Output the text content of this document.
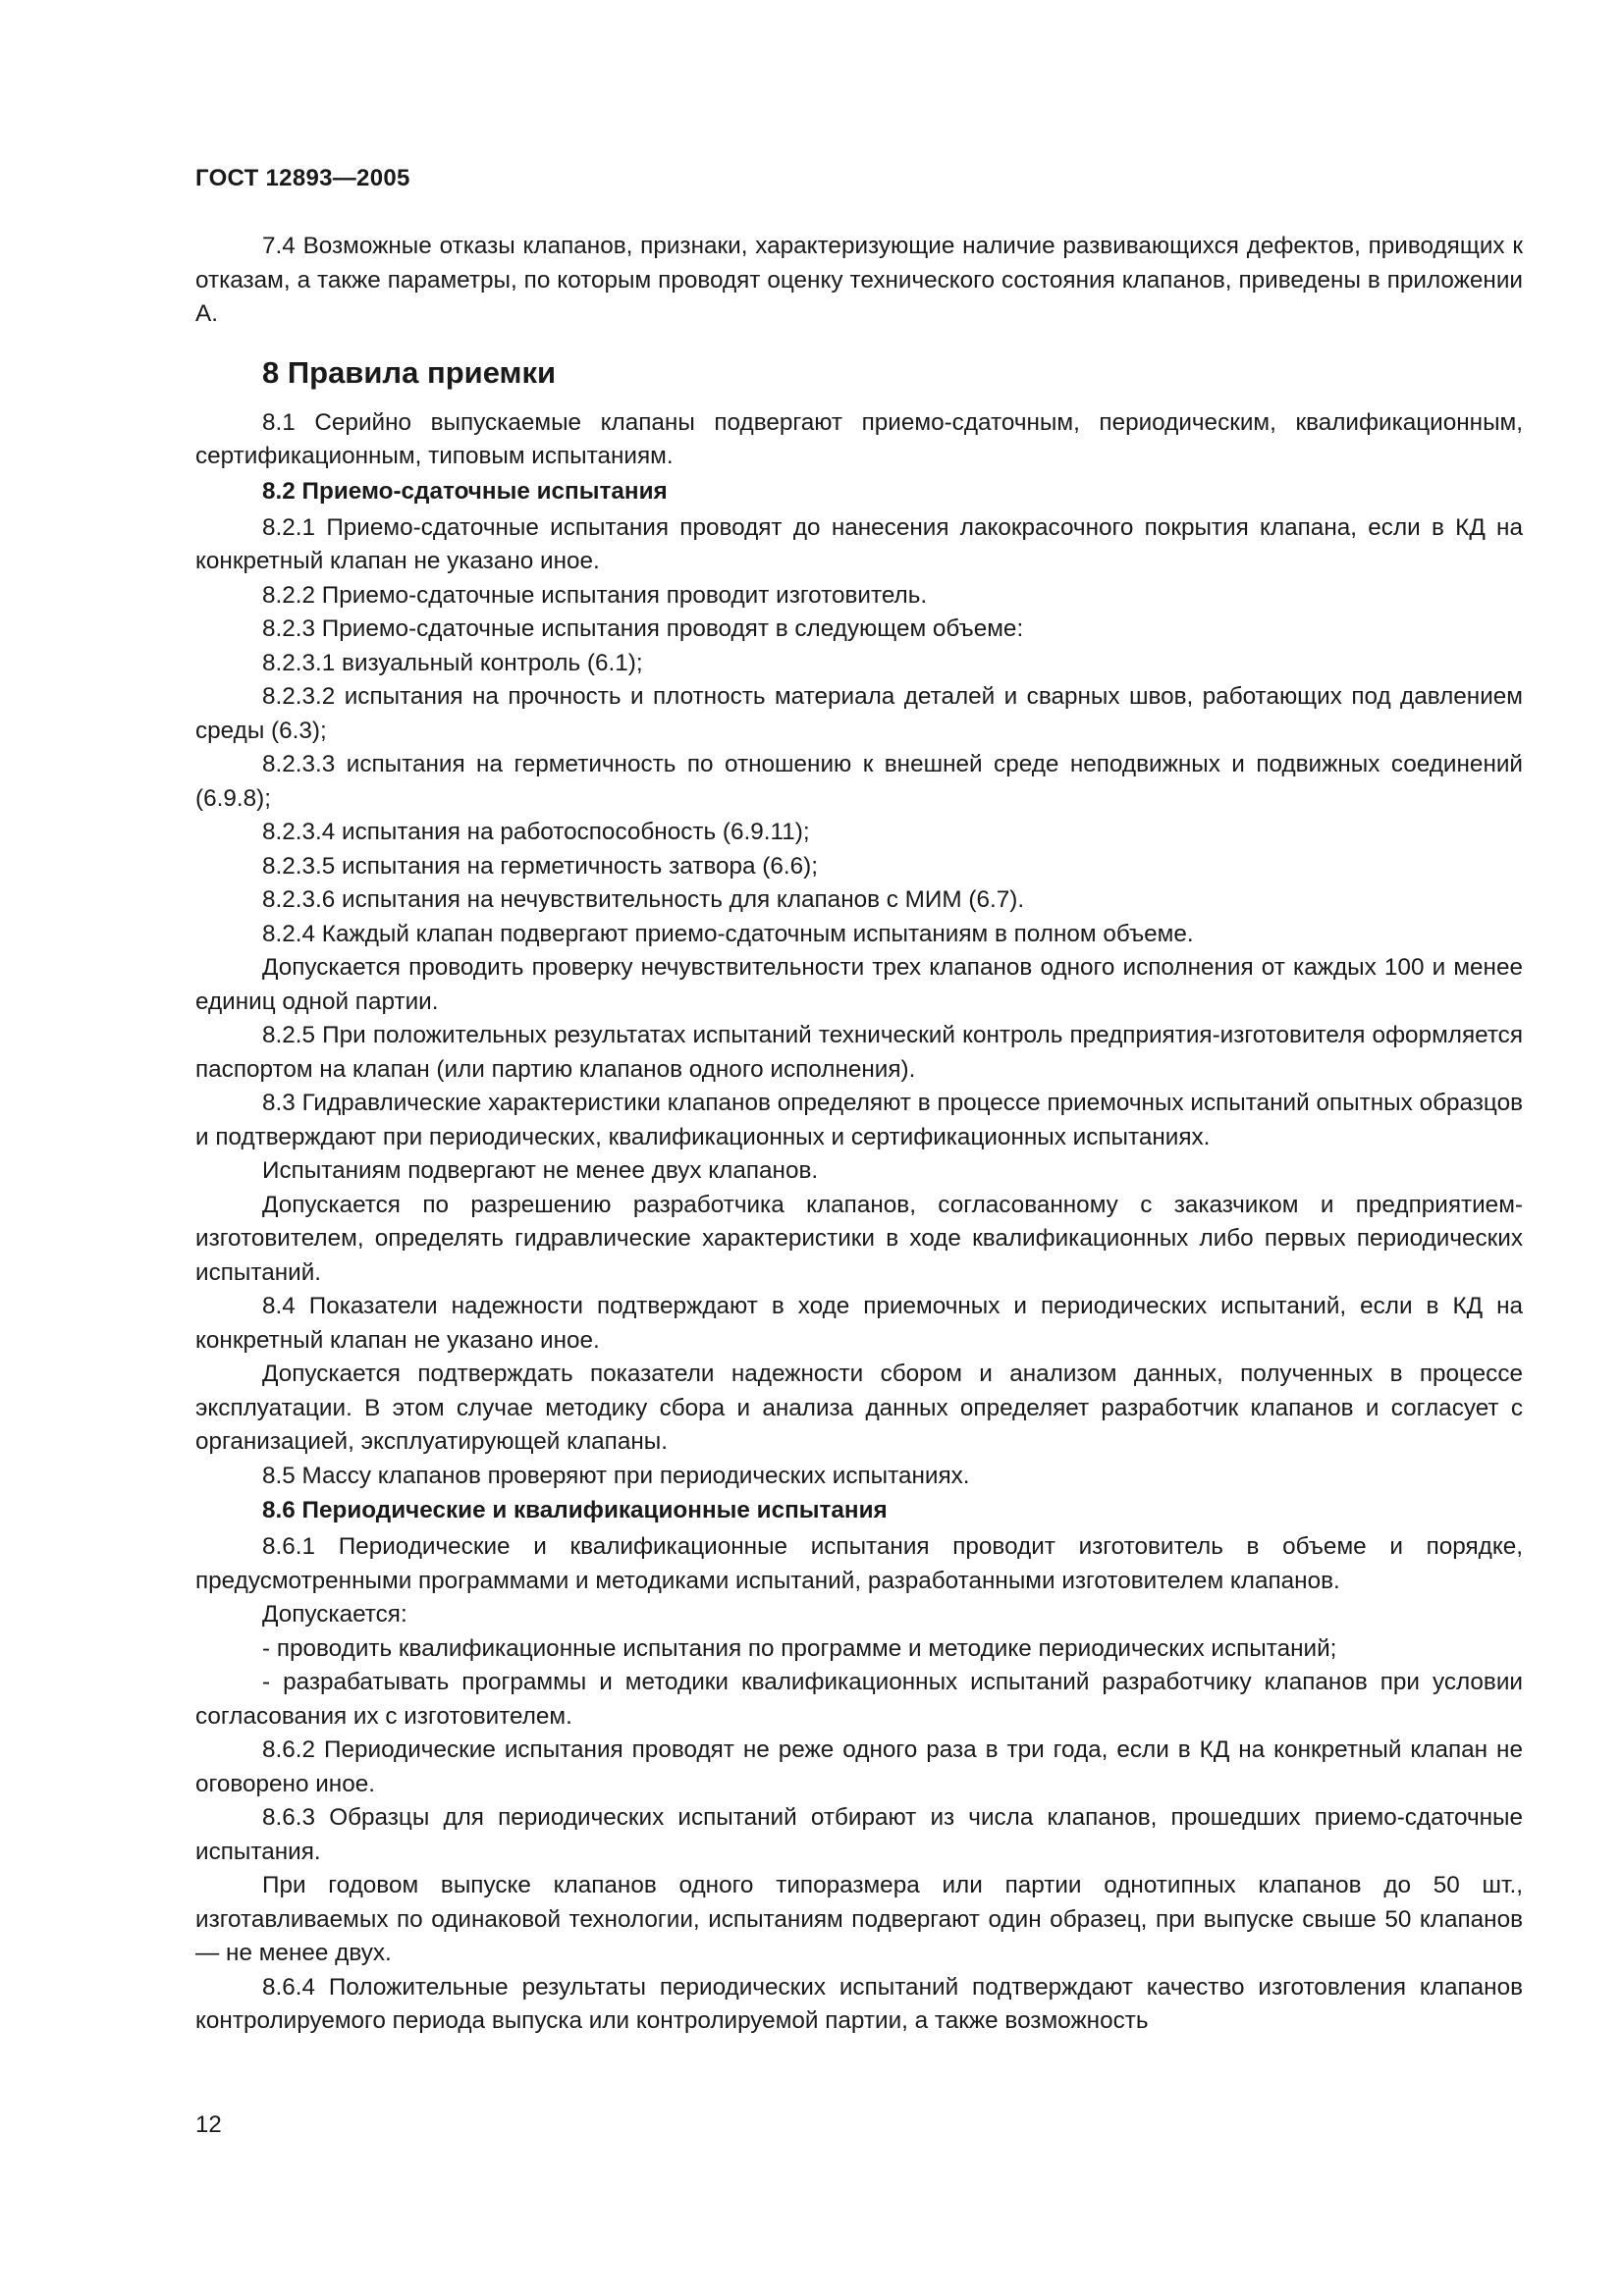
ГОСТ 12893—2005

7.4 Возможные отказы клапанов, признаки, характеризующие наличие развивающихся дефектов, приводящих к отказам, а также параметры, по которым проводят оценку технического состояния клапанов, приведены в приложении А.

8 Правила приемки

8.1 Серийно выпускаемые клапаны подвергают приемо-сдаточным, периодическим, квалификационным, сертификационным, типовым испытаниям.

8.2 Приемо-сдаточные испытания

8.2.1 Приемо-сдаточные испытания проводят до нанесения лакокрасочного покрытия клапана, если в КД на конкретный клапан не указано иное.

8.2.2 Приемо-сдаточные испытания проводит изготовитель.

8.2.3 Приемо-сдаточные испытания проводят в следующем объеме:

8.2.3.1 визуальный контроль (6.1);

8.2.3.2 испытания на прочность и плотность материала деталей и сварных швов, работающих под давлением среды (6.3);

8.2.3.3 испытания на герметичность по отношению к внешней среде неподвижных и подвижных соединений (6.9.8);

8.2.3.4 испытания на работоспособность (6.9.11);

8.2.3.5 испытания на герметичность затвора (6.6);

8.2.3.6 испытания на нечувствительность для клапанов с МИМ (6.7).

8.2.4 Каждый клапан подвергают приемо-сдаточным испытаниям в полном объеме.

Допускается проводить проверку нечувствительности трех клапанов одного исполнения от каждых 100 и менее единиц одной партии.

8.2.5 При положительных результатах испытаний технический контроль предприятия-изготовителя оформляется паспортом на клапан (или партию клапанов одного исполнения).

8.3 Гидравлические характеристики клапанов определяют в процессе приемочных испытаний опытных образцов и подтверждают при периодических, квалификационных и сертификационных испытаниях.

Испытаниям подвергают не менее двух клапанов.

Допускается по разрешению разработчика клапанов, согласованному с заказчиком и предприятием-изготовителем, определять гидравлические характеристики в ходе квалификационных либо первых периодических испытаний.

8.4 Показатели надежности подтверждают в ходе приемочных и периодических испытаний, если в КД на конкретный клапан не указано иное.

Допускается подтверждать показатели надежности сбором и анализом данных, полученных в процессе эксплуатации. В этом случае методику сбора и анализа данных определяет разработчик клапанов и согласует с организацией, эксплуатирующей клапаны.

8.5 Массу клапанов проверяют при периодических испытаниях.

8.6 Периодические и квалификационные испытания

8.6.1 Периодические и квалификационные испытания проводит изготовитель в объеме и порядке, предусмотренными программами и методиками испытаний, разработанными изготовителем клапанов.

Допускается:

- проводить квалификационные испытания по программе и методике периодических испытаний;

- разрабатывать программы и методики квалификационных испытаний разработчику клапанов при условии согласования их с изготовителем.

8.6.2 Периодические испытания проводят не реже одного раза в три года, если в КД на конкретный клапан не оговорено иное.

8.6.3 Образцы для периодических испытаний отбирают из числа клапанов, прошедших приемо-сдаточные испытания.

При годовом выпуске клапанов одного типоразмера или партии однотипных клапанов до 50 шт., изготавливаемых по одинаковой технологии, испытаниям подвергают один образец, при выпуске свыше 50 клапанов — не менее двух.

8.6.4 Положительные результаты периодических испытаний подтверждают качество изготовления клапанов контролируемого периода выпуска или контролируемой партии, а также возможность

12
